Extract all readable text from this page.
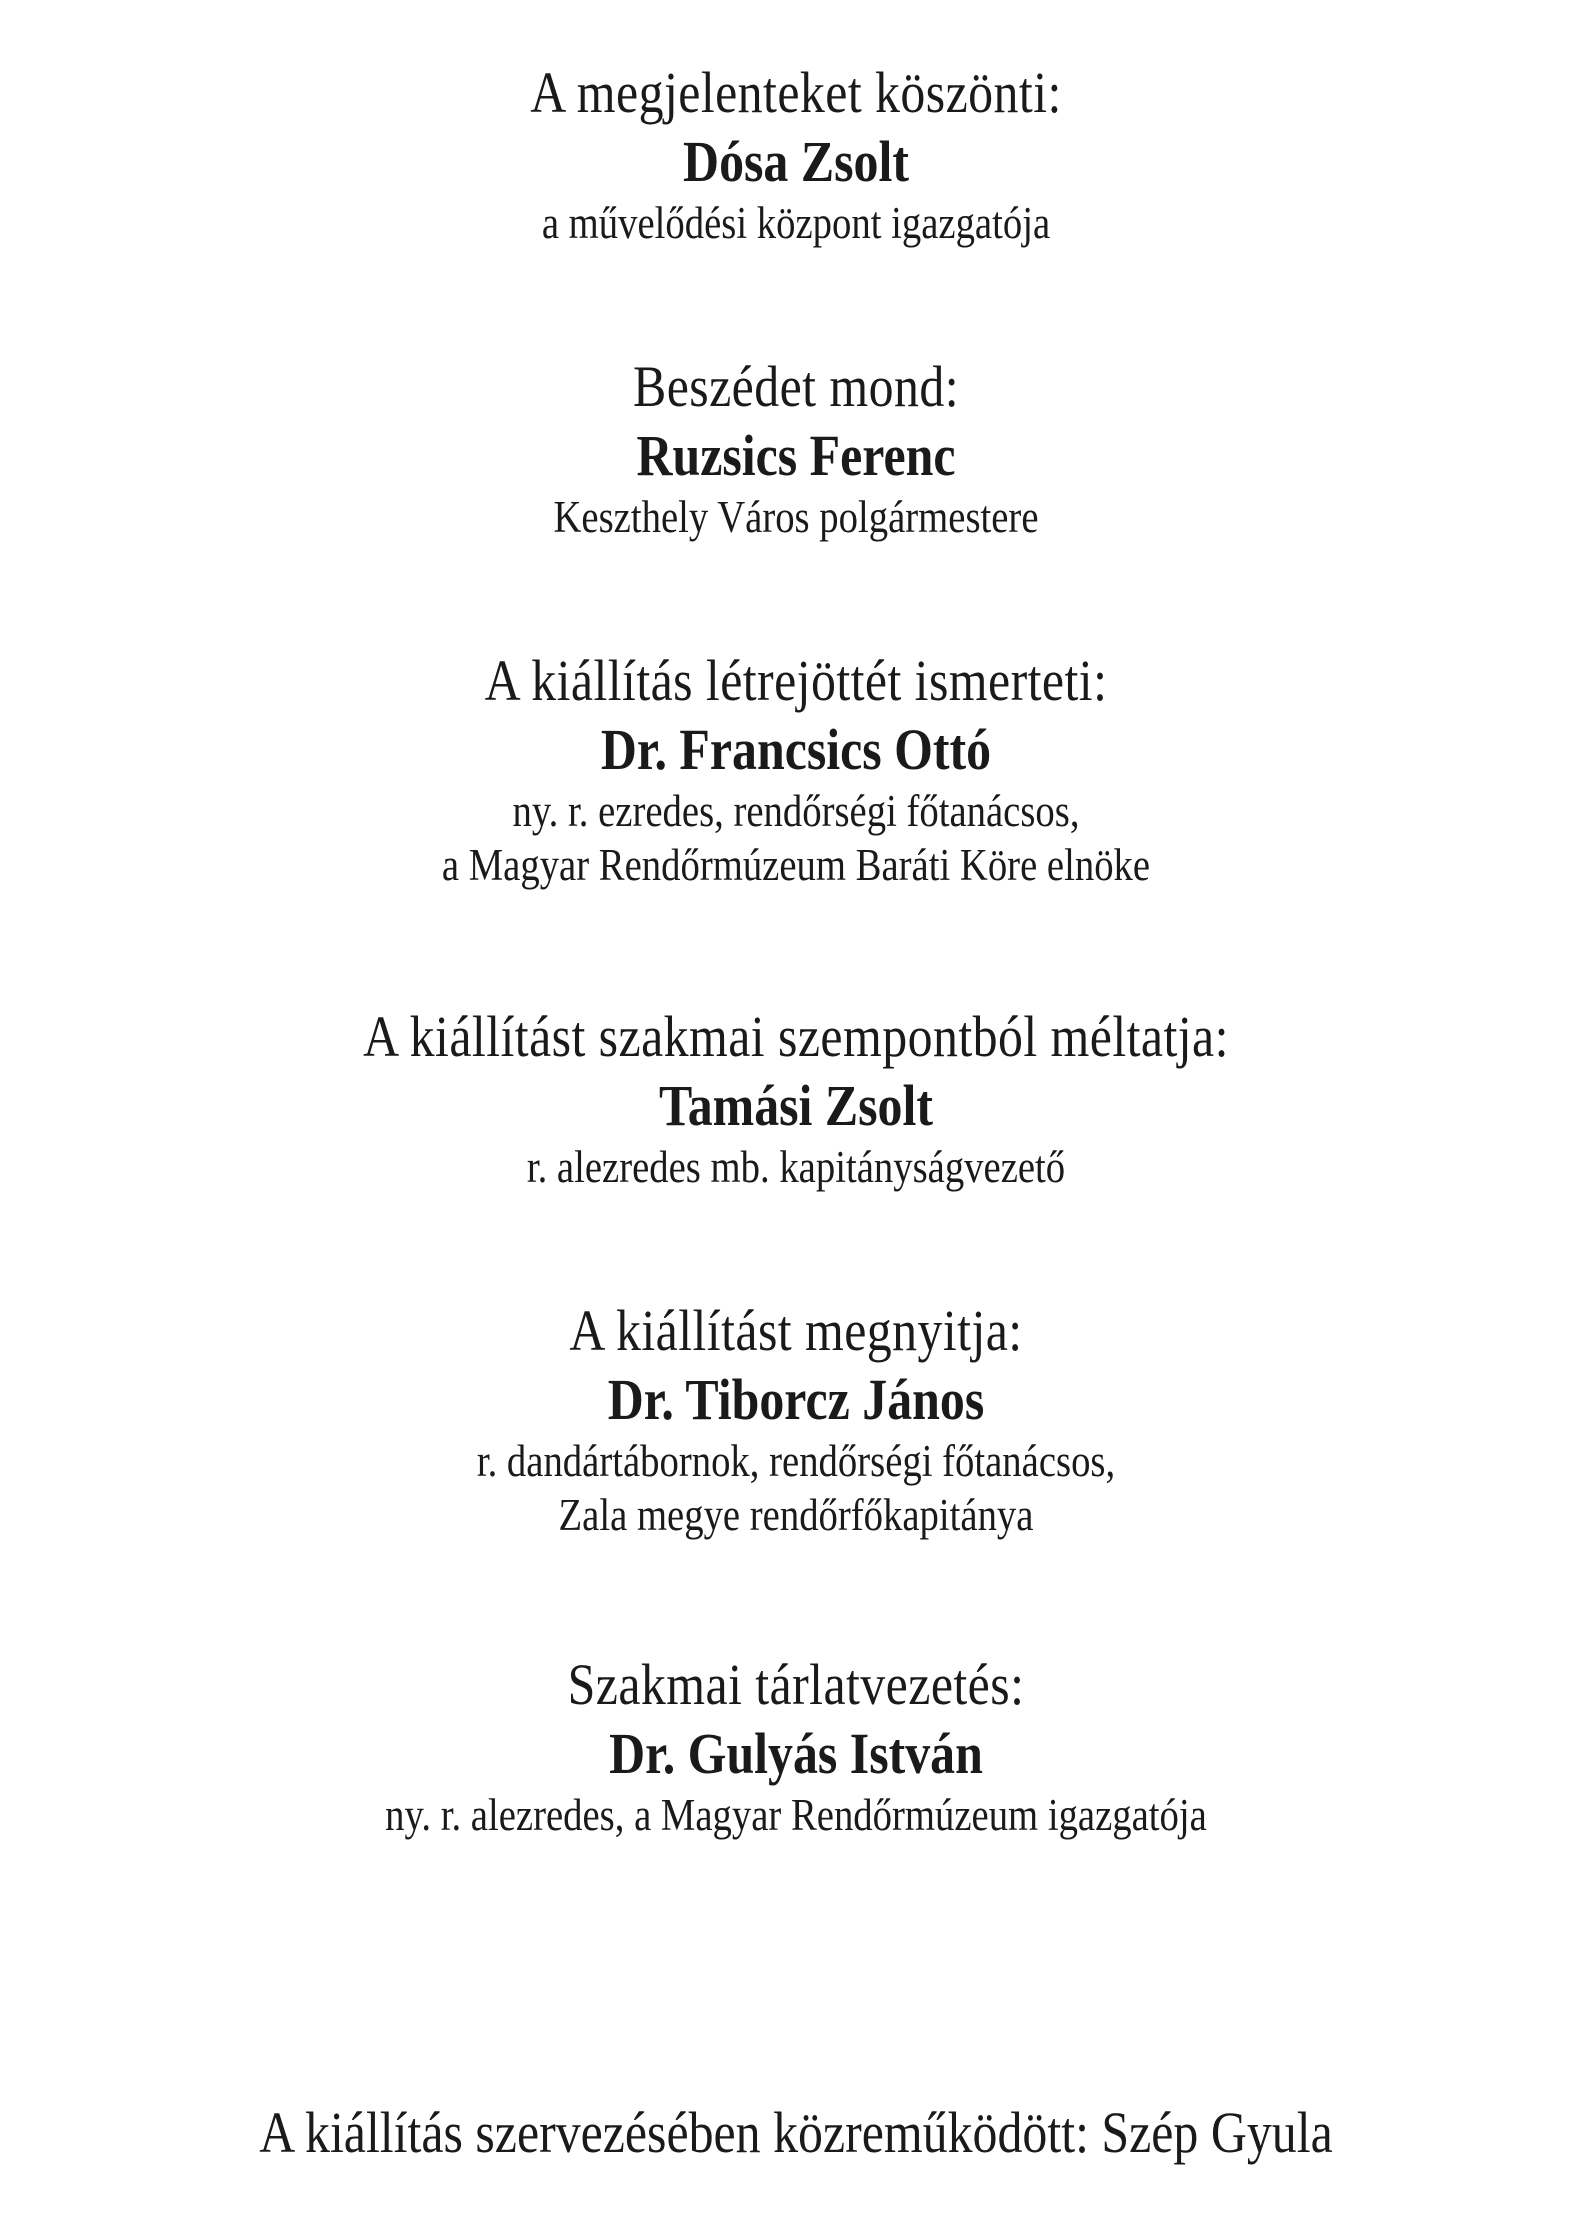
A megjelenteket köszönti:
Dósa Zsolt
a művelődési központ igazgatója
Beszédet mond:
Ruzsics Ferenc
Keszthely Város polgármestere
A kiállítás létrejöttét ismerteti:
Dr. Francsics Ottó
ny. r. ezredes, rendőrségi főtanácsos,
a Magyar Rendőrmúzeum Baráti Köre elnöke
A kiállítást szakmai szempontból méltatja:
Tamási Zsolt
r. alezredes mb. kapitányságvezető
A kiállítást megnyitja:
Dr. Tiborcz János
r. dandártábornok, rendőrségi főtanácsos,
Zala megye rendőrfőkapitánya
Szakmai tárlatvezetés:
Dr. Gulyás István
ny. r. alezredes, a Magyar Rendőrmúzeum igazgatója
A kiállítás szervezésében közreműködött: Szép Gyula
